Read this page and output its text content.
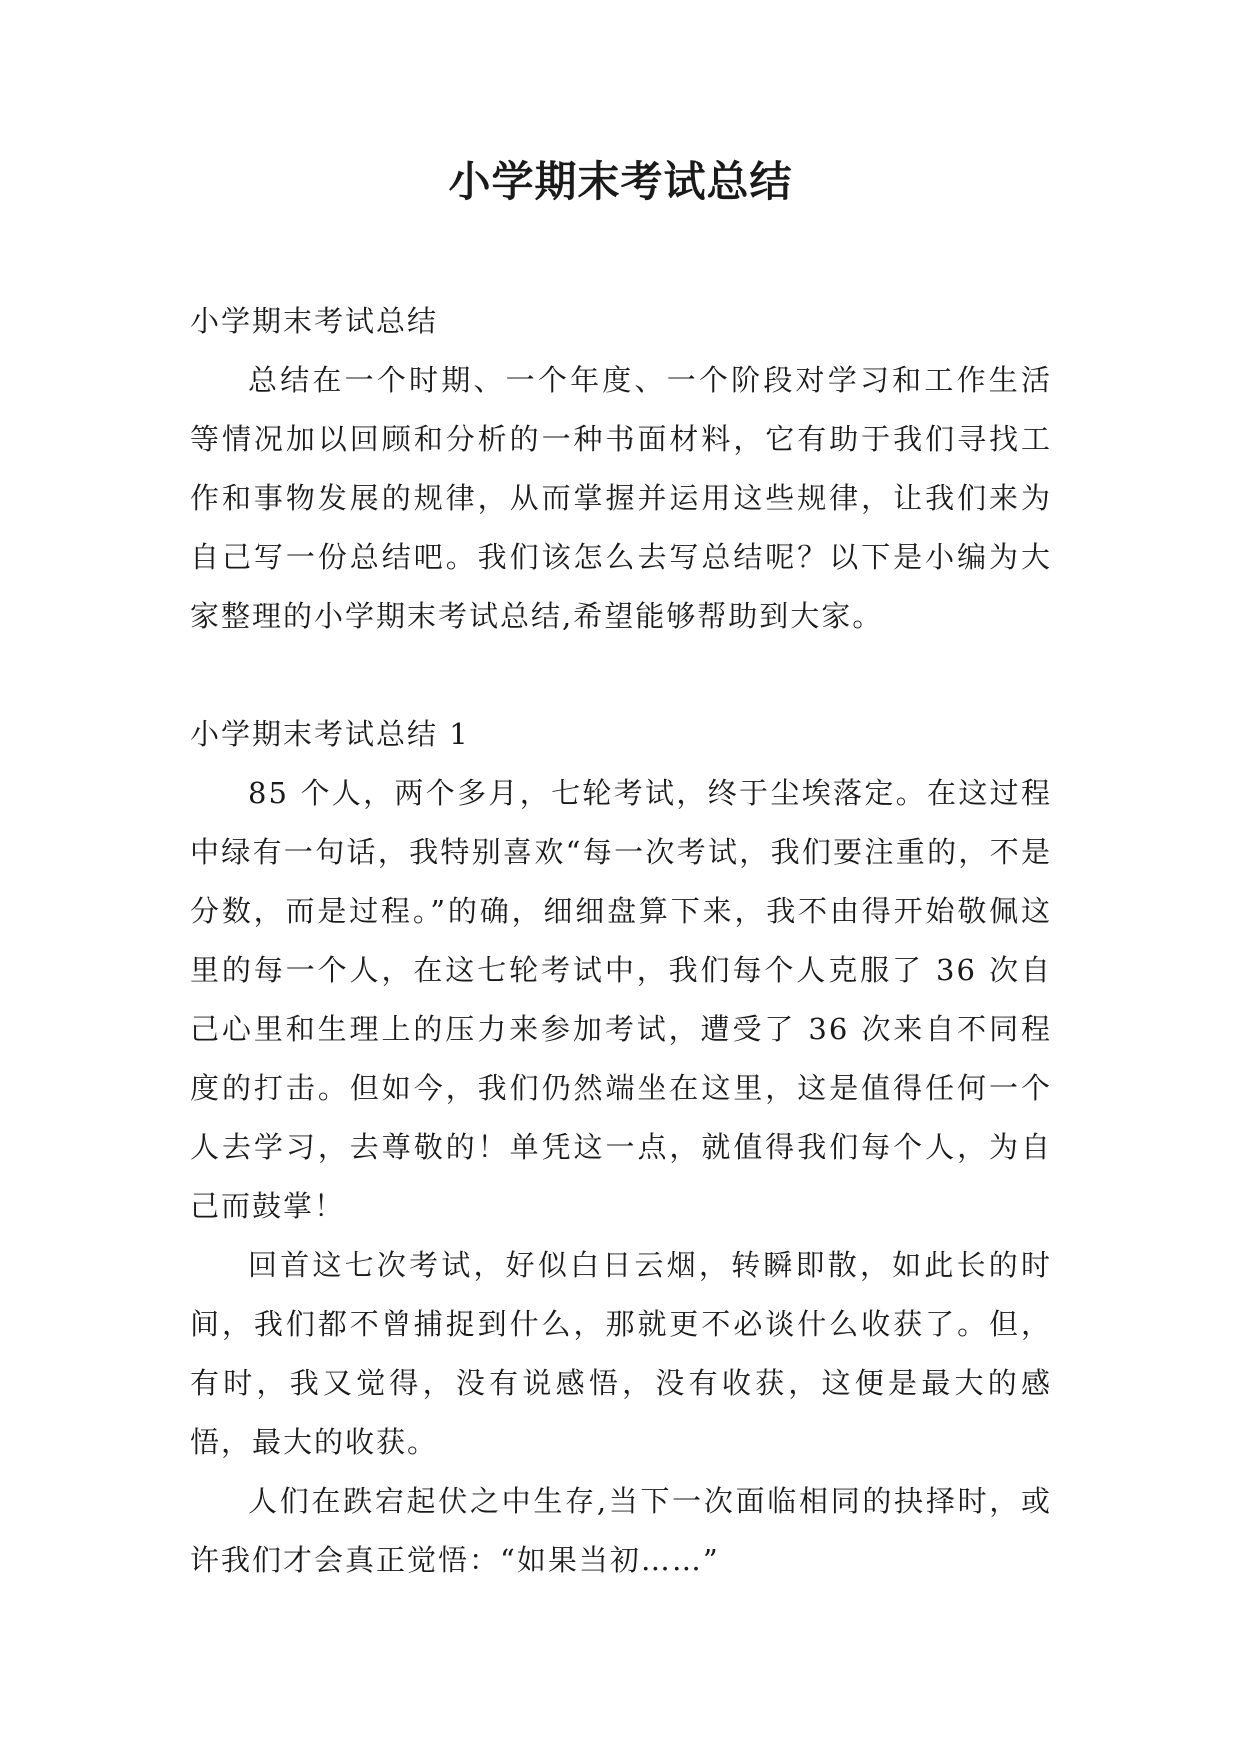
小学期末考试总结

小学期末考试总结

总结在一个时期、一个年度、一个阶段对学习和工作生活等情况加以回顾和分析的一种书面材料，它有助于我们寻找工作和事物发展的规律，从而掌握并运用这些规律，让我们来为自己写一份总结吧。我们该怎么去写总结呢？以下是小编为大家整理的小学期末考试总结,希望能够帮助到大家。

小学期末考试总结 1

85 个人，两个多月，七轮考试，终于尘埃落定。在这过程中绿有一句话，我特别喜欢“每一次考试，我们要注重的，不是分数，而是过程。”的确，细细盘算下来，我不由得开始敬佩这里的每一个人，在这七轮考试中，我们每个人克服了 36 次自己心里和生理上的压力来参加考试，遭受了 36 次来自不同程度的打击。但如今，我们仍然端坐在这里，这是值得任何一个人去学习，去尊敬的！单凭这一点，就值得我们每个人，为自己而鼓掌！

回首这七次考试，好似白日云烟，转瞬即散，如此长的时间，我们都不曾捕捉到什么，那就更不必谈什么收获了。但，有时，我又觉得，没有说感悟，没有收获，这便是最大的感悟，最大的收获。

人们在跌宕起伏之中生存,当下一次面临相同的抉择时，或许我们才会真正觉悟：“如果当初……”
